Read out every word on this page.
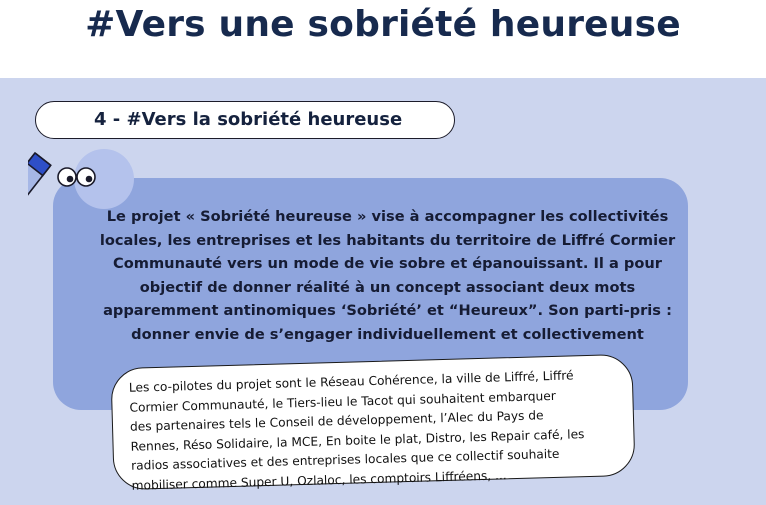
#Vers une sobriété heureuse
4 - #Vers la sobriété heureuse
Le projet « Sobriété heureuse » vise à accompagner les collectivités
locales, les entreprises et les habitants du territoire de Liffré Cormier
Communauté vers un mode de vie sobre et épanouissant. Il a pour
objectif de donner réalité à un concept associant deux mots
apparemment antinomiques ‘Sobriété’ et “Heureux”. Son parti-pris :
donner envie de s’engager individuellement et collectivement
Les co-pilotes du projet sont le Réseau Cohérence, la ville de Liffré, Liffré
Cormier Communauté, le Tiers-lieu le Tacot qui souhaitent embarquer
des partenaires tels le Conseil de développement, l’Alec du Pays de
Rennes, Réso Solidaire, la MCE, En boite le plat, Distro, les Repair café, les
radios associatives et des entreprises locales que ce collectif souhaite
mobiliser comme Super U, Ozlaloc, les comptoirs Liffréens, ...
